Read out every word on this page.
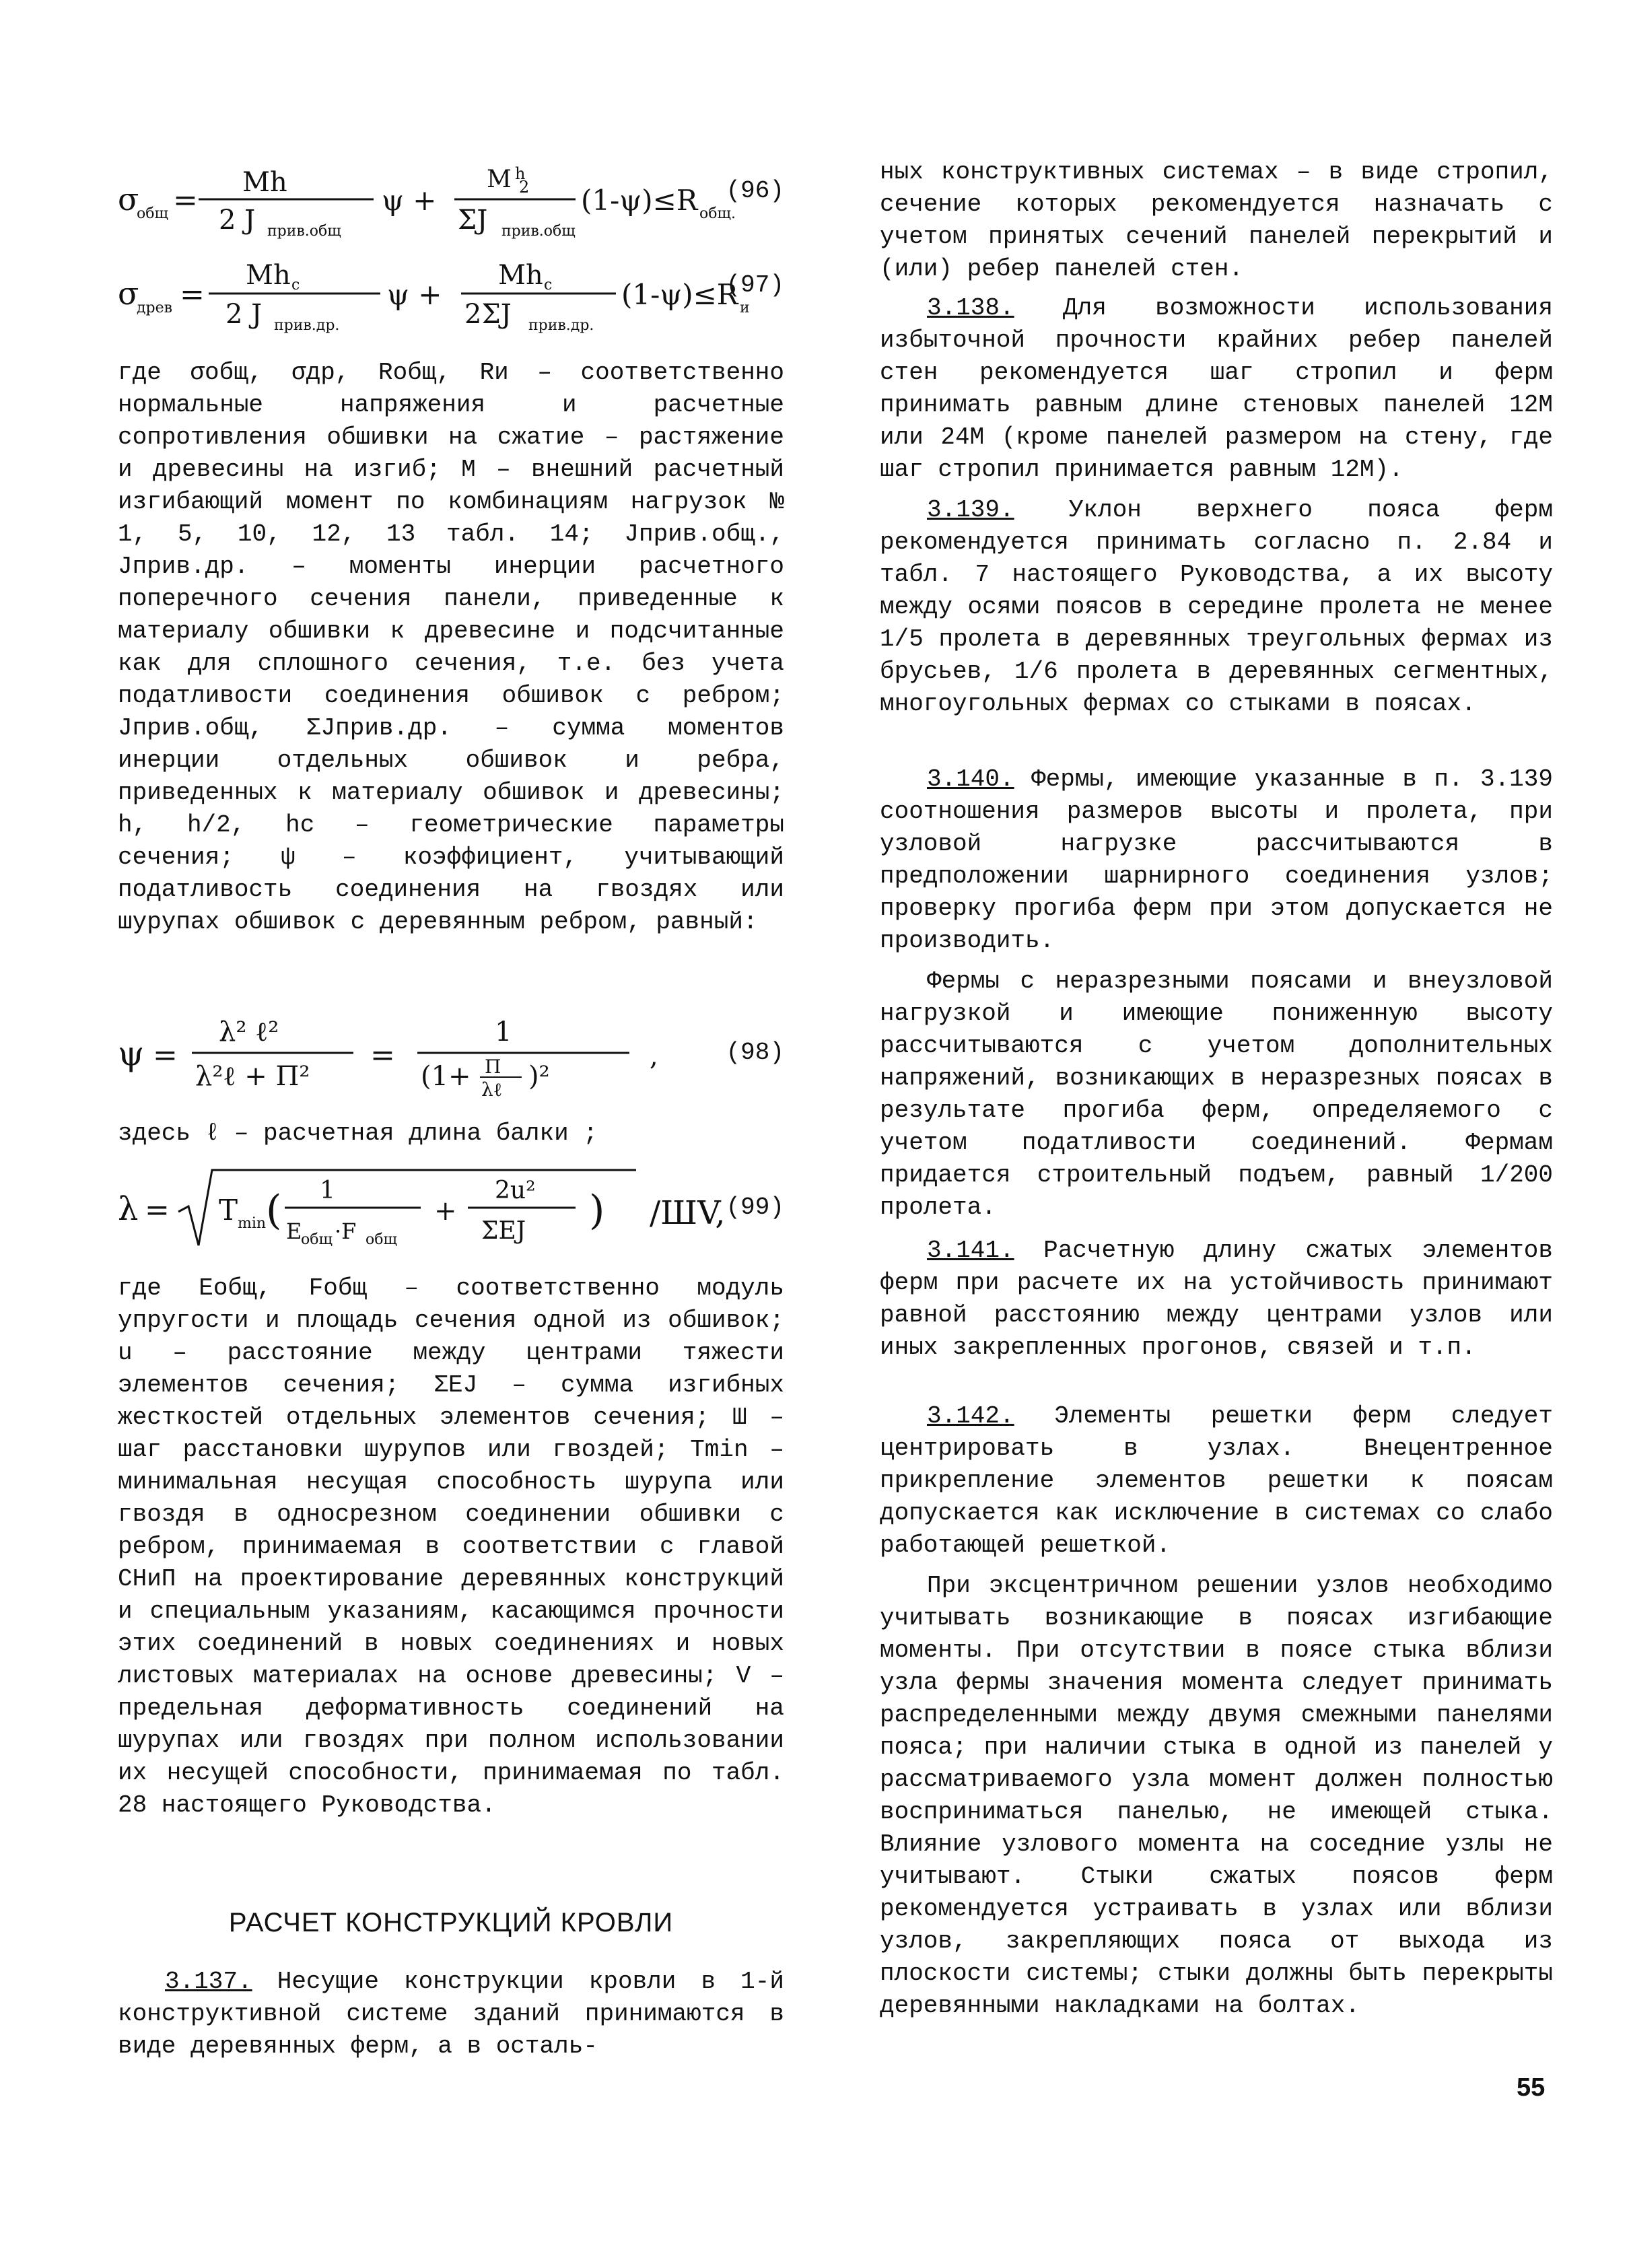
σ
общ =
Mh
2 J прив.общ
ψ +
M h
2
ΣJ прив.общ
(1-ψ)≤R общ.
(96)
σ
древ =
Mh c
2 J прив.др.
ψ +
Mh c
2ΣJ прив.др.
(1-ψ)≤R и
(97)

где σобщ, σдр, Rобщ, Rи – соответственно нормальные напряжения и расчетные сопротивления обшивки на сжатие – растяжение и древесины на изгиб; M – внешний расчетный изгибающий момент по комбинациям нагрузок № 1, 5, 10, 12, 13 табл. 14; Jприв.общ., Jприв.др. – моменты инерции расчетного поперечного сечения панели, приведенные к материалу обшивки к древесине и подсчитанные как для сплошного сечения, т.е. без учета податливости соединения обшивок с ребром; Jприв.общ, ΣJприв.др. – сумма моментов инерции отдельных обшивок и ребра, приведенных к материалу обшивок и древесины; h, h/2, hc – геометрические параметры сечения; ψ – коэффициент, учитывающий податливость соединения на гвоздях или шурупах обшивок с деревянным ребром, равный:

ψ =
λ² ℓ²
λ²ℓ + Π²
=
1
(1+ Π
λℓ )²
,	(98)

здесь ℓ – расчетная длина балки ;

λ = T min ( 1
E
общ ·F общ
+
2u²
ΣEJ ) /ШV, (99)

где Eобщ, Fобщ – соответственно модуль упругости и площадь сечения одной из обшивок; u – расстояние между центрами тяжести элементов сечения; ΣEJ – сумма изгибных жесткостей отдельных элементов сечения; Ш – шаг расстановки шурупов или гвоздей; Tmin – минимальная несущая способность шурупа или гвоздя в односрезном соединении обшивки с ребром, принимаемая в соответствии с главой СНиП на проектирование деревянных конструкций и специальным указаниям, касающимся прочности этих соединений в новых соединениях и новых листовых материалах на основе древесины; V – предельная деформативность соединений на шурупах или гвоздях при полном использовании их несущей способности, принимаемая по табл. 28 настоящего Руководства.

РАСЧЕТ КОНСТРУКЦИЙ КРОВЛИ

3.137. Несущие конструкции кровли в 1-й конструктивной системе зданий принимаются в виде деревянных ферм, а в осталь-

ных конструктивных системах – в виде стропил, сечение которых рекомендуется назначать с учетом принятых сечений панелей перекрытий и (или) ребер панелей стен.

3.138. Для возможности использования избыточной прочности крайних ребер панелей стен рекомендуется шаг стропил и ферм принимать равным длине стеновых панелей 12М или 24М (кроме панелей размером на стену, где шаг стропил принимается равным 12М).

3.139. Уклон верхнего пояса ферм рекомендуется принимать согласно п. 2.84 и табл. 7 настоящего Руководства, а их высоту между осями поясов в середине пролета не менее 1/5 пролета в деревянных треугольных фермах из брусьев, 1/6 пролета в деревянных сегментных, многоугольных фермах со стыками в поясах.

3.140. Фермы, имеющие указанные в п. 3.139 соотношения размеров высоты и пролета, при узловой нагрузке рассчитываются в предположении шарнирного соединения узлов; проверку прогиба ферм при этом допускается не производить.

Фермы с неразрезными поясами и внеузловой нагрузкой и имеющие пониженную высоту рассчитываются с учетом дополнительных напряжений, возникающих в неразрезных поясах в результате прогиба ферм, определяемого с учетом податливости соединений. Фермам придается строительный подъем, равный 1/200 пролета.

3.141. Расчетную длину сжатых элементов ферм при расчете их на устойчивость принимают равной расстоянию между центрами узлов или иных закрепленных прогонов, связей и т.п.

3.142. Элементы решетки ферм следует центрировать в узлах. Внецентренное прикрепление элементов решетки к поясам допускается как исключение в системах со слабо работающей решеткой.

При эксцентричном решении узлов необходимо учитывать возникающие в поясах изгибающие моменты. При отсутствии в поясе стыка вблизи узла фермы значения момента следует принимать распределенными между двумя смежными панелями пояса; при наличии стыка в одной из панелей у рассматриваемого узла момент должен полностью восприниматься панелью, не имеющей стыка. Влияние узлового момента на соседние узлы не учитывают. Стыки сжатых поясов ферм рекомендуется устраивать в узлах или вблизи узлов, закрепляющих пояса от выхода из плоскости системы; стыки должны быть перекрыты деревянными накладками на болтах.

55
